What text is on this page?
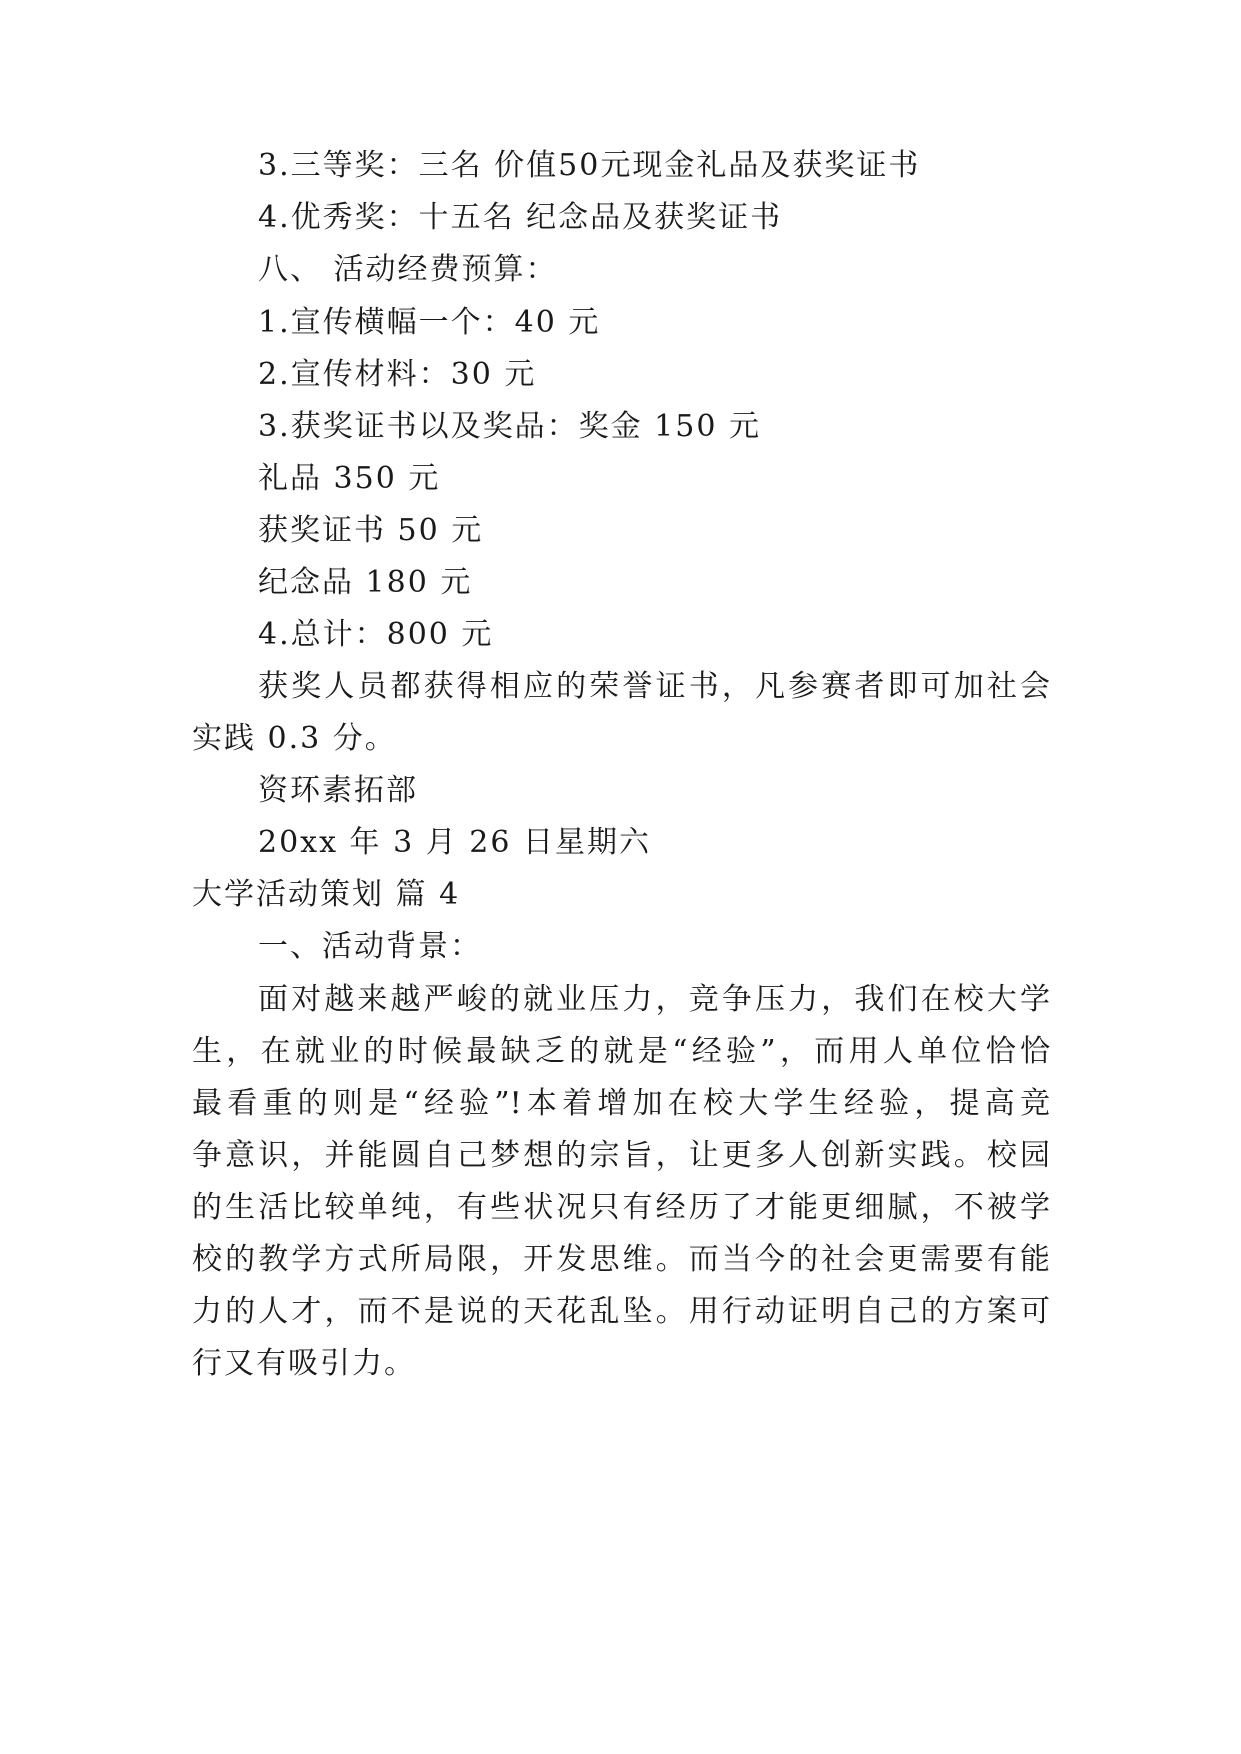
3.三等奖：三名 价值50元现金礼品及获奖证书
4.优秀奖：十五名 纪念品及获奖证书
八、 活动经费预算：
1.宣传横幅一个：40 元
2.宣传材料：30 元
3.获奖证书以及奖品：奖金 150 元
礼品 350 元
获奖证书 50 元
纪念品 180 元
4.总计：800 元
获奖人员都获得相应的荣誉证书，凡参赛者即可加社会
实践 0.3 分。
资环素拓部
20xx 年 3 月 26 日星期六
大学活动策划 篇 4
一、活动背景：
面对越来越严峻的就业压力，竞争压力，我们在校大学
生，在就业的时候最缺乏的就是“经验”，而用人单位恰恰
最看重的则是“经验”!本着增加在校大学生经验，提高竞
争意识，并能圆自己梦想的宗旨，让更多人创新实践。校园
的生活比较单纯，有些状况只有经历了才能更细腻，不被学
校的教学方式所局限，开发思维。而当今的社会更需要有能
力的人才，而不是说的天花乱坠。用行动证明自己的方案可
行又有吸引力。
